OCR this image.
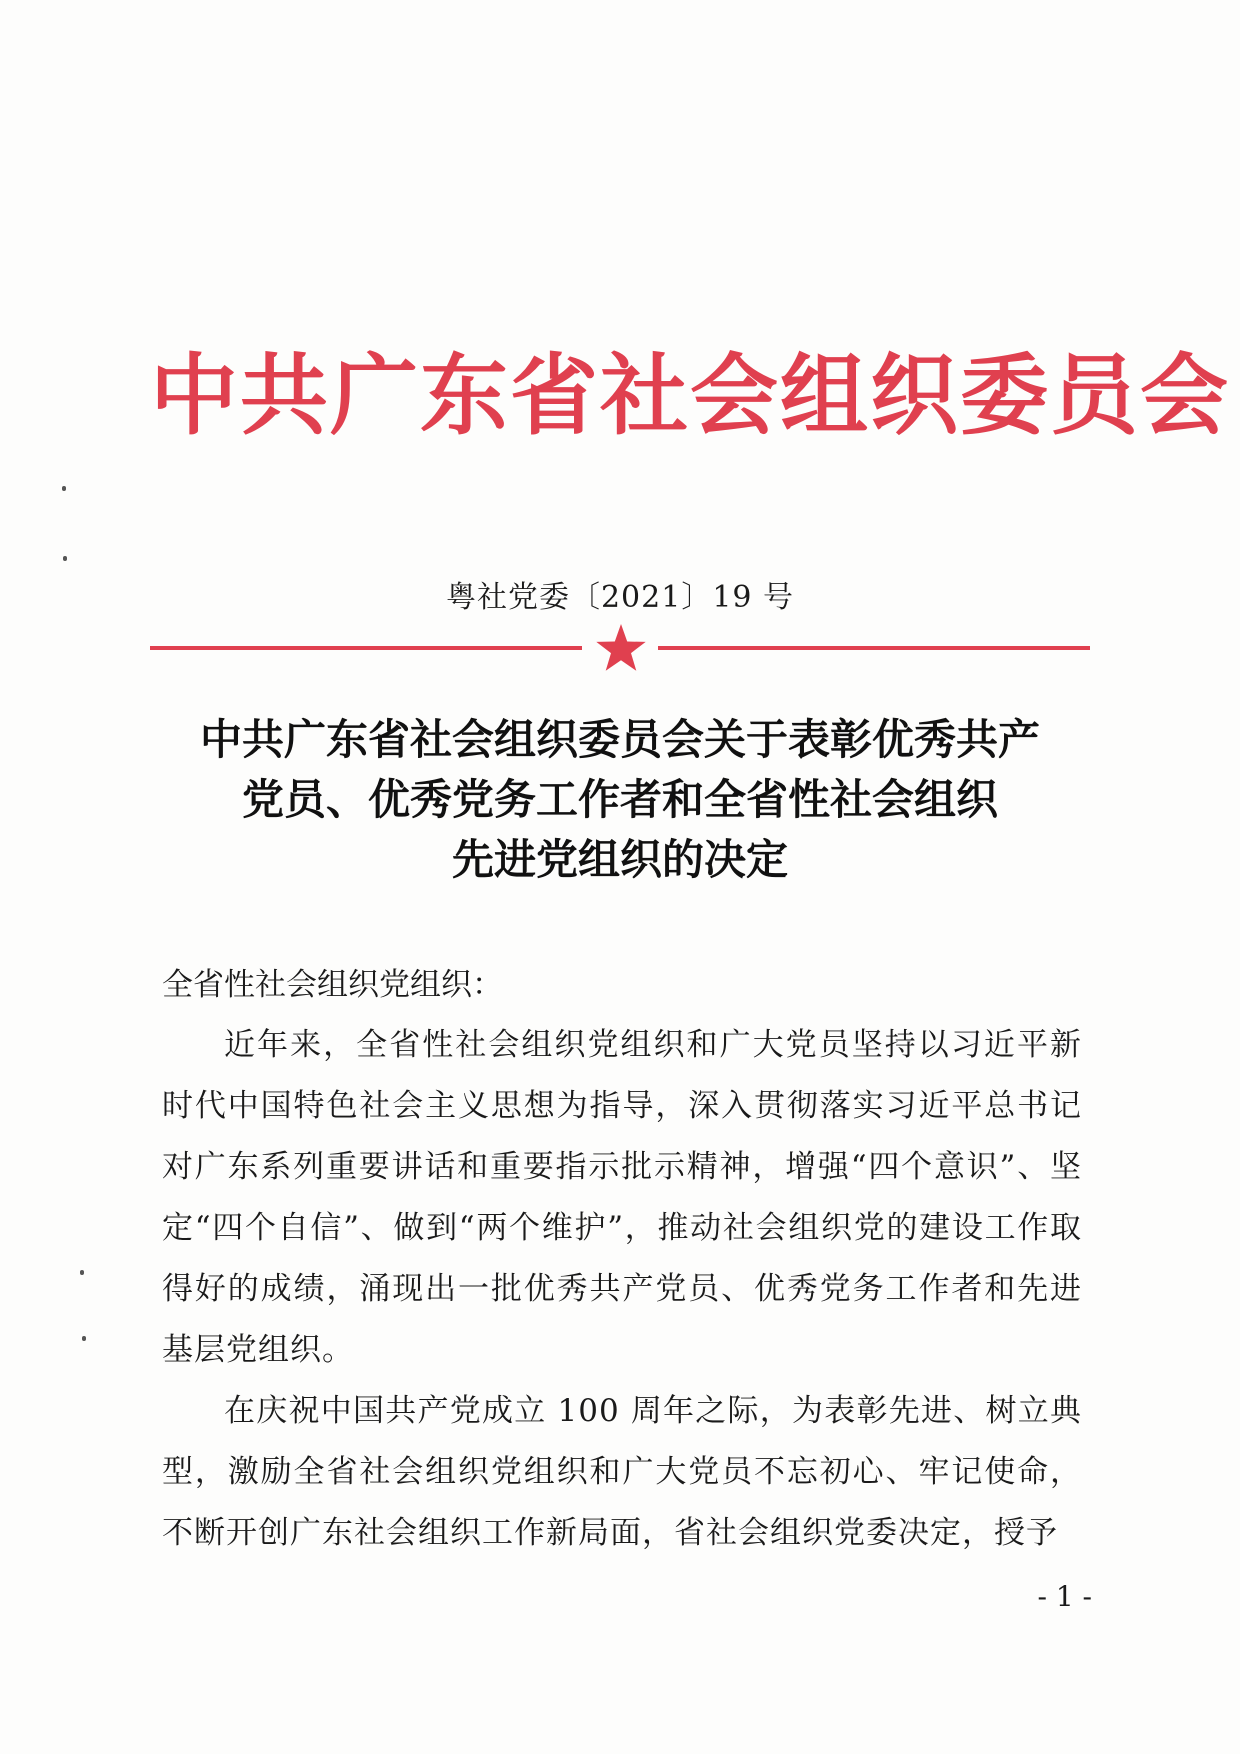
中共广东省社会组织委员会
粤社党委〔2021〕19 号
中共广东省社会组织委员会关于表彰优秀共产
党员、优秀党务工作者和全省性社会组织
先进党组织的决定
全省性社会组织党组织：

近年来，全省性社会组织党组织和广大党员坚持以习近平新时代中国特色社会主义思想为指导，深入贯彻落实习近平总书记对广东系列重要讲话和重要指示批示精神，增强“四个意识”、坚定“四个自信”、做到“两个维护”，推动社会组织党的建设工作取得好的成绩，涌现出一批优秀共产党员、优秀党务工作者和先进基层党组织。

在庆祝中国共产党成立 100 周年之际，为表彰先进、树立典型，激励全省社会组织党组织和广大党员不忘初心、牢记使命，不断开创广东社会组织工作新局面，省社会组织党委决定，授予

- 1 -
